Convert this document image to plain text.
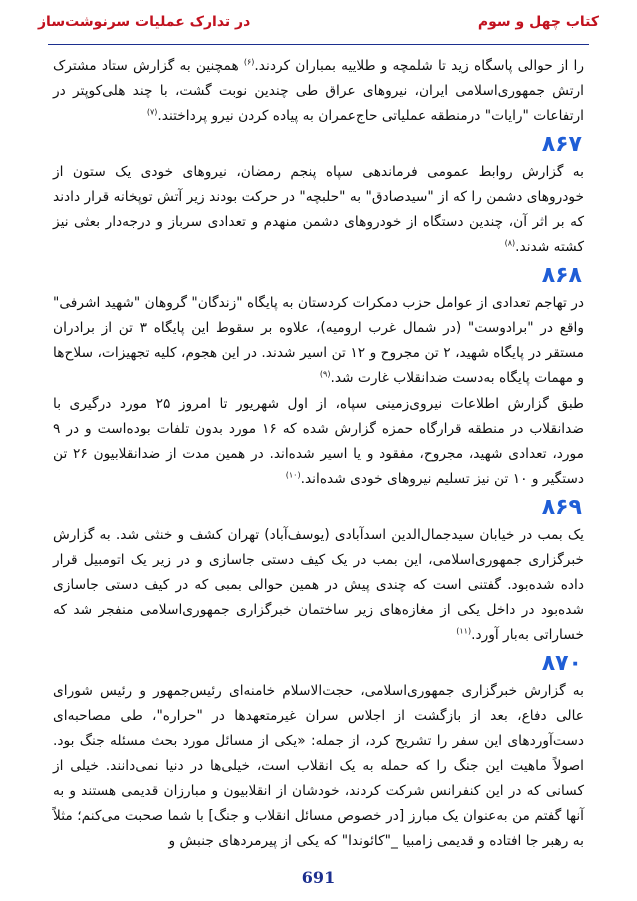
کتاب چهل و سوم
در تدارک عملیات سرنوشت‌ساز

را از حوالی پاسگاه زید تا شلمچه و طلاییه بمباران کردند.$^{(۶)}$ همچنین به گزارش ستاد مشترک ارتش جمهوری‌اسلامی ایران، نیروهای عراق طی چندین نوبت گشت، با چند هلی‌کوپتر در ارتفاعات "رایات" درمنطقه عملیاتی حاج‌عمران به پیاده کردن نیرو پرداختند.$^{(۷)}$

۸۶۷

به گزارش روابط عمومی فرماندهی سپاه پنجم رمضان، نیروهای خودی یک ستون از خودروهای دشمن را که از "سیدصادق" به "حلبچه" در حرکت بودند زیر آتش توپخانه قرار دادند که بر اثر آن، چندین دستگاه از خودروهای دشمن منهدم و تعدادی سرباز و درجه‌دار بعثی نیز کشته شدند.$^{(۸)}$

۸۶۸

در تهاجم تعدادی از عوامل حزب دمکرات کردستان به پایگاه "زندگان" گروهان "شهید اشرفی" واقع در "برادوست" (در شمال غرب ارومیه)، علاوه بر سقوط این پایگاه ۳ تن از برادران مستقر در پایگاه شهید، ۲ تن مجروح و ۱۲ تن اسیر شدند. در این هجوم، کلیه تجهیزات، سلاح‌ها و مهمات پایگاه به‌دست ضدانقلاب غارت شد.$^{(۹)}$

طبق گزارش اطلاعات نیروی‌زمینی سپاه، از اول شهریور تا امروز ۲۵ مورد درگیری با ضدانقلاب در منطقه قرارگاه حمزه گزارش شده که ۱۶ مورد بدون تلفات بوده‌است و در ۹ مورد، تعدادی شهید، مجروح، مفقود و یا اسیر شده‌اند. در همین مدت از ضدانقلابیون ۲۶ تن دستگیر و ۱۰ تن نیز تسلیم نیروهای خودی شده‌اند.$^{(۱۰)}$

۸۶۹

یک بمب در خیابان سیدجمال‌الدین اسدآبادی (یوسف‌آباد) تهران کشف و خنثی شد. به گزارش خبرگزاری جمهوری‌اسلامی، این بمب در یک کیف دستی جاسازی و در زیر یک اتومبیل قرار داده شده‌بود. گفتنی است که چندی پیش در همین حوالی بمبی که در کیف دستی جاسازی شده‌بود در داخل یکی از مغازه‌های زیر ساختمان خبرگزاری جمهوری‌اسلامی منفجر شد که خساراتی به‌بار آورد.$^{(۱۱)}$

۸۷۰

به گزارش خبرگزاری جمهوری‌اسلامی، حجت‌الاسلام خامنه‌ای رئیس‌جمهور و رئیس شورای عالی دفاع، بعد از بازگشت از اجلاس سران غیرمتعهدها در "حراره"، طی مصاحبه‌ای دست‌آوردهای این سفر را تشریح کرد، از جمله: «یکی از مسائل مورد بحث مسئله جنگ بود. اصولاً ماهیت این جنگ را که حمله به یک انقلاب است، خیلی‌ها در دنیا نمی‌دانند. خیلی از کسانی که در این کنفرانس شرکت کردند، خودشان از انقلابیون و مبارزان قدیمی هستند و به آنها گفتم من به‌عنوان یک مبارز [در خصوص مسائل انقلاب و جنگ] با شما صحبت می‌کنم؛ مثلاً به رهبر جا افتاده و قدیمی زامبیا _"کائوندا" که یکی از پیرمردهای جنبش و

691
